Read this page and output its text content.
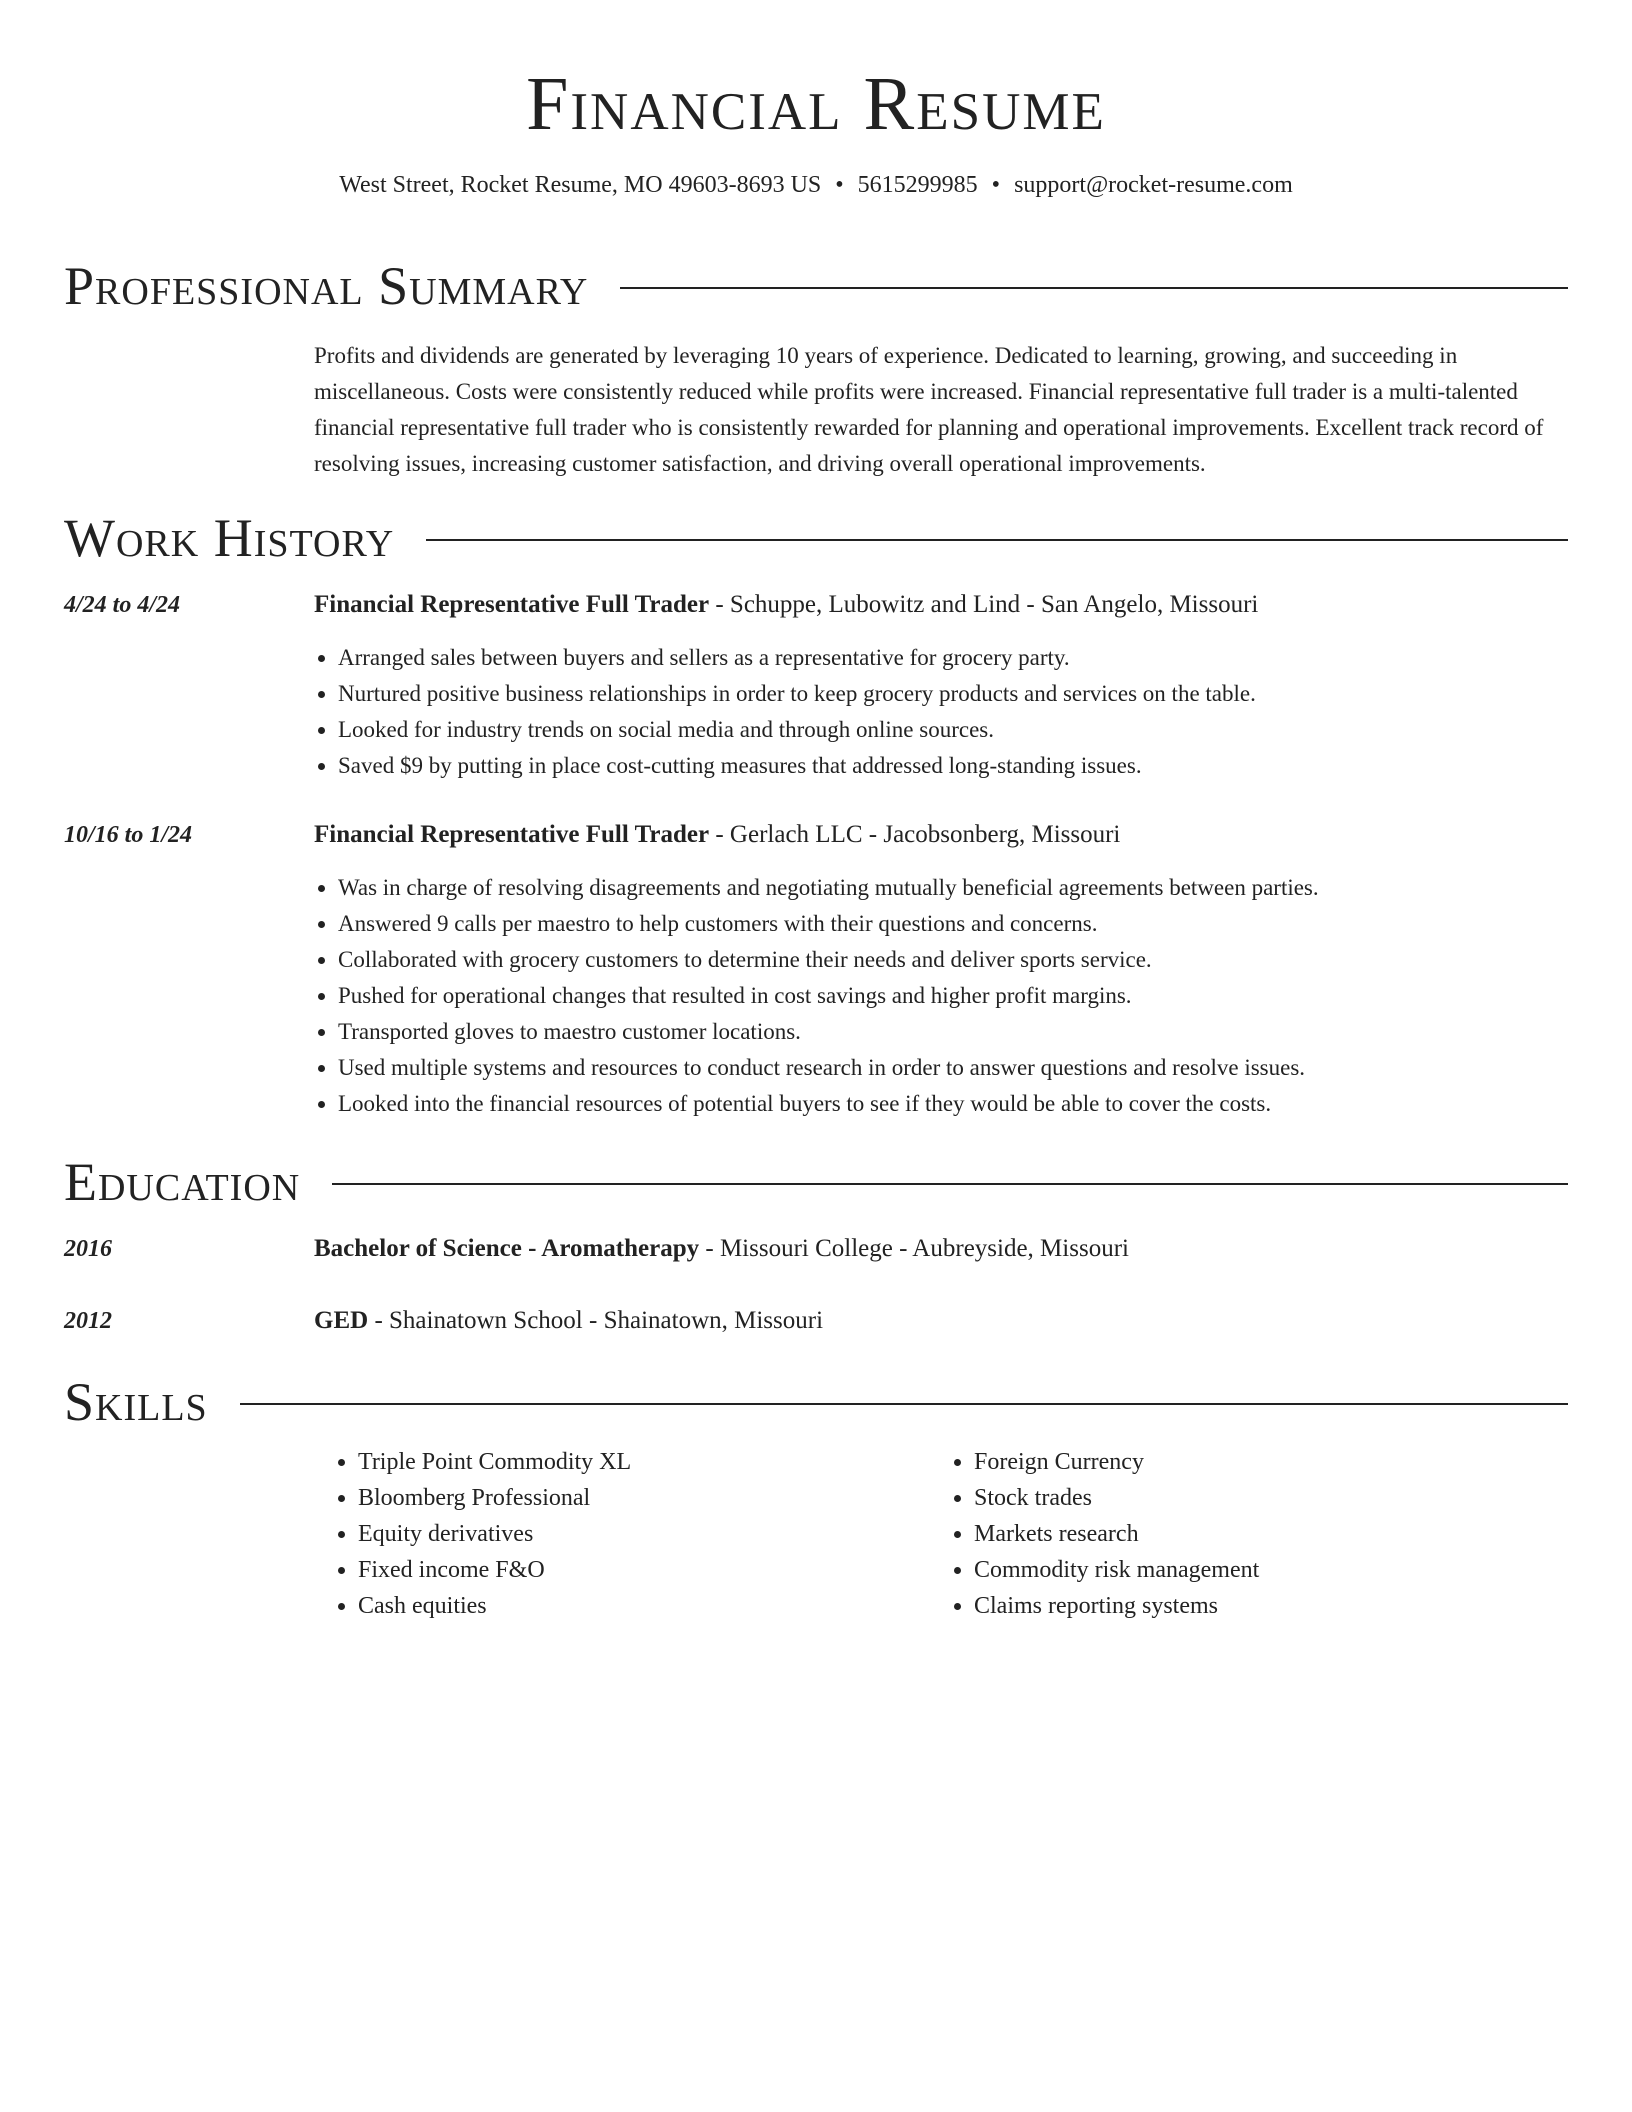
Financial Resume
West Street, Rocket Resume, MO 49603-8693 US • 5615299985 • support@rocket-resume.com
Professional Summary

Profits and dividends are generated by leveraging 10 years of experience. Dedicated to learning, growing, and succeeding in miscellaneous. Costs were consistently reduced while profits were increased. Financial representative full trader is a multi-talented financial representative full trader who is consistently rewarded for planning and operational improvements. Excellent track record of resolving issues, increasing customer satisfaction, and driving overall operational improvements.

Work History
4/24 to 4/24	Financial Representative Full Trader - Schuppe, Lubowitz and Lind - San Angelo, Missouri
• Arranged sales between buyers and sellers as a representative for grocery party.
• Nurtured positive business relationships in order to keep grocery products and services on the table.
• Looked for industry trends on social media and through online sources.
• Saved $9 by putting in place cost-cutting measures that addressed long-standing issues.
10/16 to 1/24	Financial Representative Full Trader - Gerlach LLC - Jacobsonberg, Missouri
• Was in charge of resolving disagreements and negotiating mutually beneficial agreements between parties.
• Answered 9 calls per maestro to help customers with their questions and concerns.
• Collaborated with grocery customers to determine their needs and deliver sports service.
• Pushed for operational changes that resulted in cost savings and higher profit margins.
• Transported gloves to maestro customer locations.
• Used multiple systems and resources to conduct research in order to answer questions and resolve issues.
• Looked into the financial resources of potential buyers to see if they would be able to cover the costs.
Education
2016	Bachelor of Science - Aromatherapy - Missouri College - Aubreyside, Missouri
2012	GED - Shainatown School - Shainatown, Missouri
Skills
• Triple Point Commodity XL
• Bloomberg Professional
• Equity derivatives
• Fixed income F&O
• Cash equities
• Foreign Currency
• Stock trades
• Markets research
• Commodity risk management
• Claims reporting systems
